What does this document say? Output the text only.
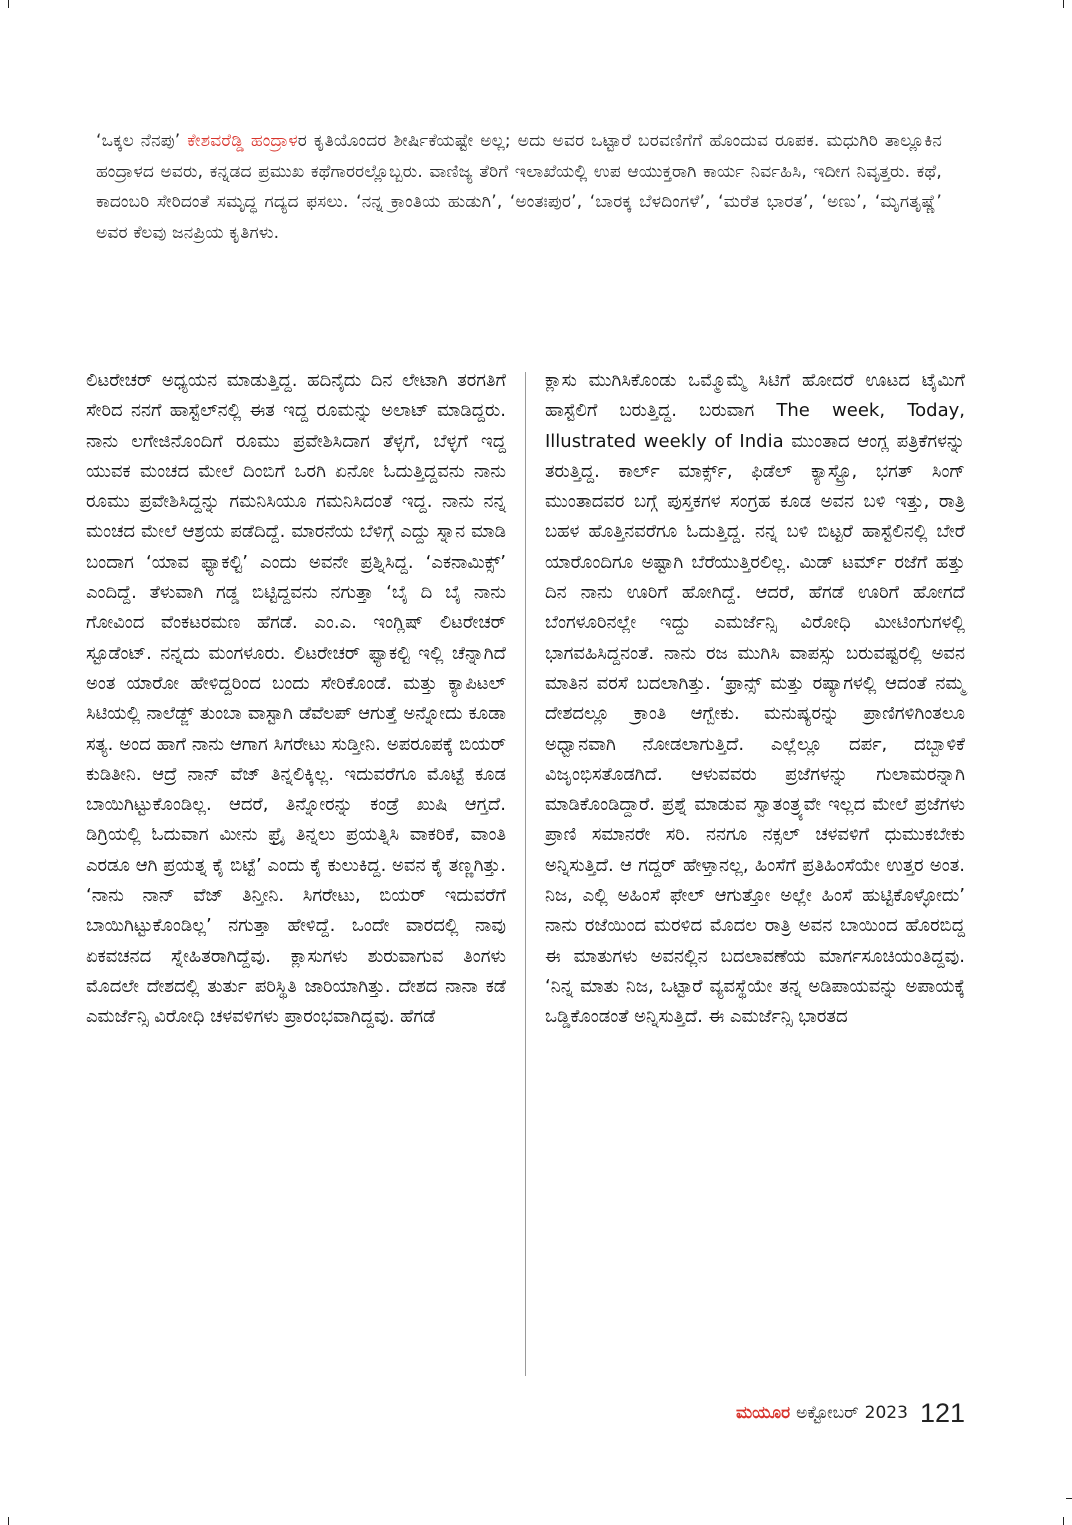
‘ಒಕ್ಕಲ ನೆನಪು’ ಕೇಶವರೆಡ್ಡಿ ಹಂದ್ರಾಳರ ಕೃತಿಯೊಂದರ ಶೀರ್ಷಿಕೆಯಷ್ಟೇ ಅಲ್ಲ; ಅದು ಅವರ ಒಟ್ಟಾರೆ ಬರವಣಿಗೆಗೆ ಹೊಂದುವ ರೂಪಕ. ಮಧುಗಿರಿ ತಾಲ್ಲೂಕಿನ ಹಂದ್ರಾಳದ ಅವರು, ಕನ್ನಡದ ಪ್ರಮುಖ ಕಥೆಗಾರರಲ್ಲೊಬ್ಬರು. ವಾಣಿಜ್ಯ ತೆರಿಗೆ ಇಲಾಖೆಯಲ್ಲಿ ಉಪ ಆಯುಕ್ತರಾಗಿ ಕಾರ್ಯ ನಿರ್ವಹಿಸಿ, ಇದೀಗ ನಿವೃತ್ತರು. ಕಥೆ, ಕಾದಂಬರಿ ಸೇರಿದಂತೆ ಸಮೃದ್ಧ ಗದ್ಯದ ಫಸಲು. ‘ನನ್ನ ಕ್ರಾಂತಿಯ ಹುಡುಗಿ’, ‘ಅಂತಃಪುರ’, ‘ಬಾರಕ್ಕ ಬೆಳದಿಂಗಳೆ’, ‘ಮರೆತ ಭಾರತ’, ‘ಅಣು’, ‘ಮೃಗತೃಷ್ಣೆ’ ಅವರ ಕೆಲವು ಜನಪ್ರಿಯ ಕೃತಿಗಳು.

ಲಿಟರೇಚರ್ ಅಧ್ಯಯನ ಮಾಡುತ್ತಿದ್ದ. ಹದಿನೈದು ದಿನ ಲೇಟಾಗಿ ತರಗತಿಗೆ ಸೇರಿದ ನನಗೆ ಹಾಸ್ಟೆಲ್‌ನಲ್ಲಿ ಈತ ಇದ್ದ ರೂಮನ್ನು ಅಲಾಟ್ ಮಾಡಿದ್ದರು. ನಾನು ಲಗೇಜಿನೊಂದಿಗೆ ರೂಮು ಪ್ರವೇಶಿಸಿದಾಗ ತೆಳ್ಳಗೆ, ಬೆಳ್ಳಗೆ ಇದ್ದ ಯುವಕ ಮಂಚದ ಮೇಲೆ ದಿಂಬಿಗೆ ಒರಗಿ ಏನೋ ಓದುತ್ತಿದ್ದವನು ನಾನು ರೂಮು ಪ್ರವೇಶಿಸಿದ್ದನ್ನು ಗಮನಿಸಿಯೂ ಗಮನಿಸಿದಂತೆ ಇದ್ದ. ನಾನು ನನ್ನ ಮಂಚದ ಮೇಲೆ ಆಶ್ರಯ ಪಡೆದಿದ್ದೆ. ಮಾರನೆಯ ಬೆಳಿಗ್ಗೆ ಎದ್ದು ಸ್ನಾನ ಮಾಡಿ ಬಂದಾಗ ‘ಯಾವ ಫ್ಯಾಕಲ್ಟಿ’ ಎಂದು ಅವನೇ ಪ್ರಶ್ನಿಸಿದ್ದ. ‘ಎಕನಾಮಿಕ್ಸ್’ ಎಂದಿದ್ದೆ. ತೆಳುವಾಗಿ ಗಡ್ಡ ಬಿಟ್ಟಿದ್ದವನು ನಗುತ್ತಾ ‘ಬೈ ದಿ ಬೈ ನಾನು ಗೋವಿಂದ ವೆಂಕಟರಮಣ ಹೆಗಡೆ. ಎಂ.ಎ. ಇಂಗ್ಲಿಷ್ ಲಿಟರೇಚರ್ ಸ್ಟೂಡೆಂಟ್. ನನ್ನದು ಮಂಗಳೂರು. ಲಿಟರೇಚರ್ ಫ್ಯಾಕಲ್ಟಿ ಇಲ್ಲಿ ಚೆನ್ನಾಗಿದೆ ಅಂತ ಯಾರೋ ಹೇಳಿದ್ದರಿಂದ ಬಂದು ಸೇರಿಕೊಂಡೆ. ಮತ್ತು ಕ್ಯಾಪಿಟಲ್ ಸಿಟಿಯಲ್ಲಿ ನಾಲೆಡ್ಜ್ ತುಂಬಾ ವಾಸ್ಟಾಗಿ ಡೆವೆಲಪ್ ಆಗುತ್ತೆ ಅನ್ನೋದು ಕೂಡಾ ಸತ್ಯ. ಅಂದ ಹಾಗೆ ನಾನು ಆಗಾಗ ಸಿಗರೇಟು ಸುಡ್ತೀನಿ. ಅಪರೂಪಕ್ಕೆ ಬಿಯರ್ ಕುಡಿತೀನಿ. ಆದ್ರೆ ನಾನ್ ವೆಜ್ ತಿನ್ನಲಿಕ್ಕಿಲ್ಲ. ಇದುವರೆಗೂ ಮೊಟ್ಟೆ ಕೂಡ ಬಾಯಿಗಿಟ್ಟುಕೊಂಡಿಲ್ಲ. ಆದರೆ, ತಿನ್ನೋರನ್ನು ಕಂಡ್ರೆ ಖುಷಿ ಆಗ್ತದೆ. ಡಿಗ್ರಿಯಲ್ಲಿ ಓದುವಾಗ ಮೀನು ಫ್ರೈ ತಿನ್ನಲು ಪ್ರಯತ್ನಿಸಿ ವಾಕರಿಕೆ, ವಾಂತಿ ಎರಡೂ ಆಗಿ ಪ್ರಯತ್ನ ಕೈ ಬಿಟ್ಟೆ’ ಎಂದು ಕೈ ಕುಲುಕಿದ್ದ. ಅವನ ಕೈ ತಣ್ಣಗಿತ್ತು. ‘ನಾನು ನಾನ್ ವೆಜ್ ತಿನ್ತೀನಿ. ಸಿಗರೇಟು, ಬಿಯರ್ ಇದುವರೆಗೆ ಬಾಯಿಗಿಟ್ಟುಕೊಂಡಿಲ್ಲ’ ನಗುತ್ತಾ ಹೇಳಿದ್ದೆ. ಒಂದೇ ವಾರದಲ್ಲಿ ನಾವು ಏಕವಚನದ ಸ್ನೇಹಿತರಾಗಿದ್ದೆವು. ಕ್ಲಾಸುಗಳು ಶುರುವಾಗುವ ತಿಂಗಳು ಮೊದಲೇ ದೇಶದಲ್ಲಿ ತುರ್ತು ಪರಿಸ್ಥಿತಿ ಜಾರಿಯಾಗಿತ್ತು. ದೇಶದ ನಾನಾ ಕಡೆ ಎಮರ್ಜೆನ್ಸಿ ವಿರೋಧಿ ಚಳವಳಿಗಳು ಪ್ರಾರಂಭವಾಗಿದ್ದವು. ಹೆಗಡೆ

ಕ್ಲಾಸು ಮುಗಿಸಿಕೊಂಡು ಒಮ್ಮೊಮ್ಮೆ ಸಿಟಿಗೆ ಹೋದರೆ ಊಟದ ಟೈಮಿಗೆ ಹಾಸ್ಟೆಲಿಗೆ ಬರುತ್ತಿದ್ದ. ಬರುವಾಗ The week, Today, Illustrated weekly of India ಮುಂತಾದ ಆಂಗ್ಲ ಪತ್ರಿಕೆಗಳನ್ನು ತರುತ್ತಿದ್ದ. ಕಾರ್ಲ್ ಮಾರ್ಕ್ಸ್, ಫಿಡೆಲ್ ಕ್ಯಾಸ್ಟ್ರೊ, ಭಗತ್ ಸಿಂಗ್ ಮುಂತಾದವರ ಬಗ್ಗೆ ಪುಸ್ತಕಗಳ ಸಂಗ್ರಹ ಕೂಡ ಅವನ ಬಳಿ ಇತ್ತು, ರಾತ್ರಿ ಬಹಳ ಹೊತ್ತಿನವರೆಗೂ ಓದುತ್ತಿದ್ದ. ನನ್ನ ಬಳಿ ಬಿಟ್ಟರೆ ಹಾಸ್ಟೆಲಿನಲ್ಲಿ ಬೇರೆ ಯಾರೊಂದಿಗೂ ಅಷ್ಟಾಗಿ ಬೆರೆಯುತ್ತಿರಲಿಲ್ಲ. ಮಿಡ್ ಟರ್ಮ್ ರಜೆಗೆ ಹತ್ತು ದಿನ ನಾನು ಊರಿಗೆ ಹೋಗಿದ್ದೆ. ಆದರೆ, ಹೆಗಡೆ ಊರಿಗೆ ಹೋಗದೆ ಬೆಂಗಳೂರಿನಲ್ಲೇ ಇದ್ದು ಎಮರ್ಜೆನ್ಸಿ ವಿರೋಧಿ ಮೀಟಿಂಗುಗಳಲ್ಲಿ ಭಾಗವಹಿಸಿದ್ದನಂತೆ. ನಾನು ರಜ ಮುಗಿಸಿ ವಾಪಸ್ಸು ಬರುವಷ್ಟರಲ್ಲಿ ಅವನ ಮಾತಿನ ವರಸೆ ಬದಲಾಗಿತ್ತು. ‘ಫ್ರಾನ್ಸ್ ಮತ್ತು ರಷ್ಯಾಗಳಲ್ಲಿ ಆದಂತೆ ನಮ್ಮ ದೇಶದಲ್ಲೂ ಕ್ರಾಂತಿ ಆಗ್ಬೇಕು. ಮನುಷ್ಯರನ್ನು ಪ್ರಾಣಿಗಳಿಗಿಂತಲೂ ಅಧ್ವಾನವಾಗಿ ನೋಡಲಾಗುತ್ತಿದೆ. ಎಲ್ಲೆಲ್ಲೂ ದರ್ಪ, ದಬ್ಬಾಳಿಕೆ ವಿಜೃಂಭಿಸತೊಡಗಿದೆ. ಆಳುವವರು ಪ್ರಜೆಗಳನ್ನು ಗುಲಾಮರನ್ನಾಗಿ ಮಾಡಿಕೊಂಡಿದ್ದಾರೆ. ಪ್ರಶ್ನೆ ಮಾಡುವ ಸ್ವಾತಂತ್ರ್ಯವೇ ಇಲ್ಲದ ಮೇಲೆ ಪ್ರಜೆಗಳು ಪ್ರಾಣಿ ಸಮಾನರೇ ಸರಿ. ನನಗೂ ನಕ್ಸಲ್ ಚಳವಳಿಗೆ ಧುಮುಕಬೇಕು ಅನ್ನಿಸುತ್ತಿದೆ. ಆ ಗದ್ದರ್ ಹೇಳ್ತಾನಲ್ಲ, ಹಿಂಸೆಗೆ ಪ್ರತಿಹಿಂಸೆಯೇ ಉತ್ತರ ಅಂತ. ನಿಜ, ಎಲ್ಲಿ ಅಹಿಂಸೆ ಫೇಲ್ ಆಗುತ್ತೋ ಅಲ್ಲೇ ಹಿಂಸೆ ಹುಟ್ಟಿಕೊಳ್ಳೋದು’ ನಾನು ರಜೆಯಿಂದ ಮರಳಿದ ಮೊದಲ ರಾತ್ರಿ ಅವನ ಬಾಯಿಂದ ಹೊರಬಿದ್ದ ಈ ಮಾತುಗಳು ಅವನಲ್ಲಿನ ಬದಲಾವಣೆಯ ಮಾರ್ಗಸೂಚಿಯಂತಿದ್ದವು. ‘ನಿನ್ನ ಮಾತು ನಿಜ, ಒಟ್ಟಾರೆ ವ್ಯವಸ್ಥೆಯೇ ತನ್ನ ಅಡಿಪಾಯವನ್ನು ಅಪಾಯಕ್ಕೆ ಒಡ್ಡಿಕೊಂಡಂತೆ ಅನ್ನಿಸುತ್ತಿದೆ. ಈ ಎಮರ್ಜೆನ್ಸಿ ಭಾರತದ

ಮಯೂರ ಅಕ್ಟೋಬರ್ 2023 121
